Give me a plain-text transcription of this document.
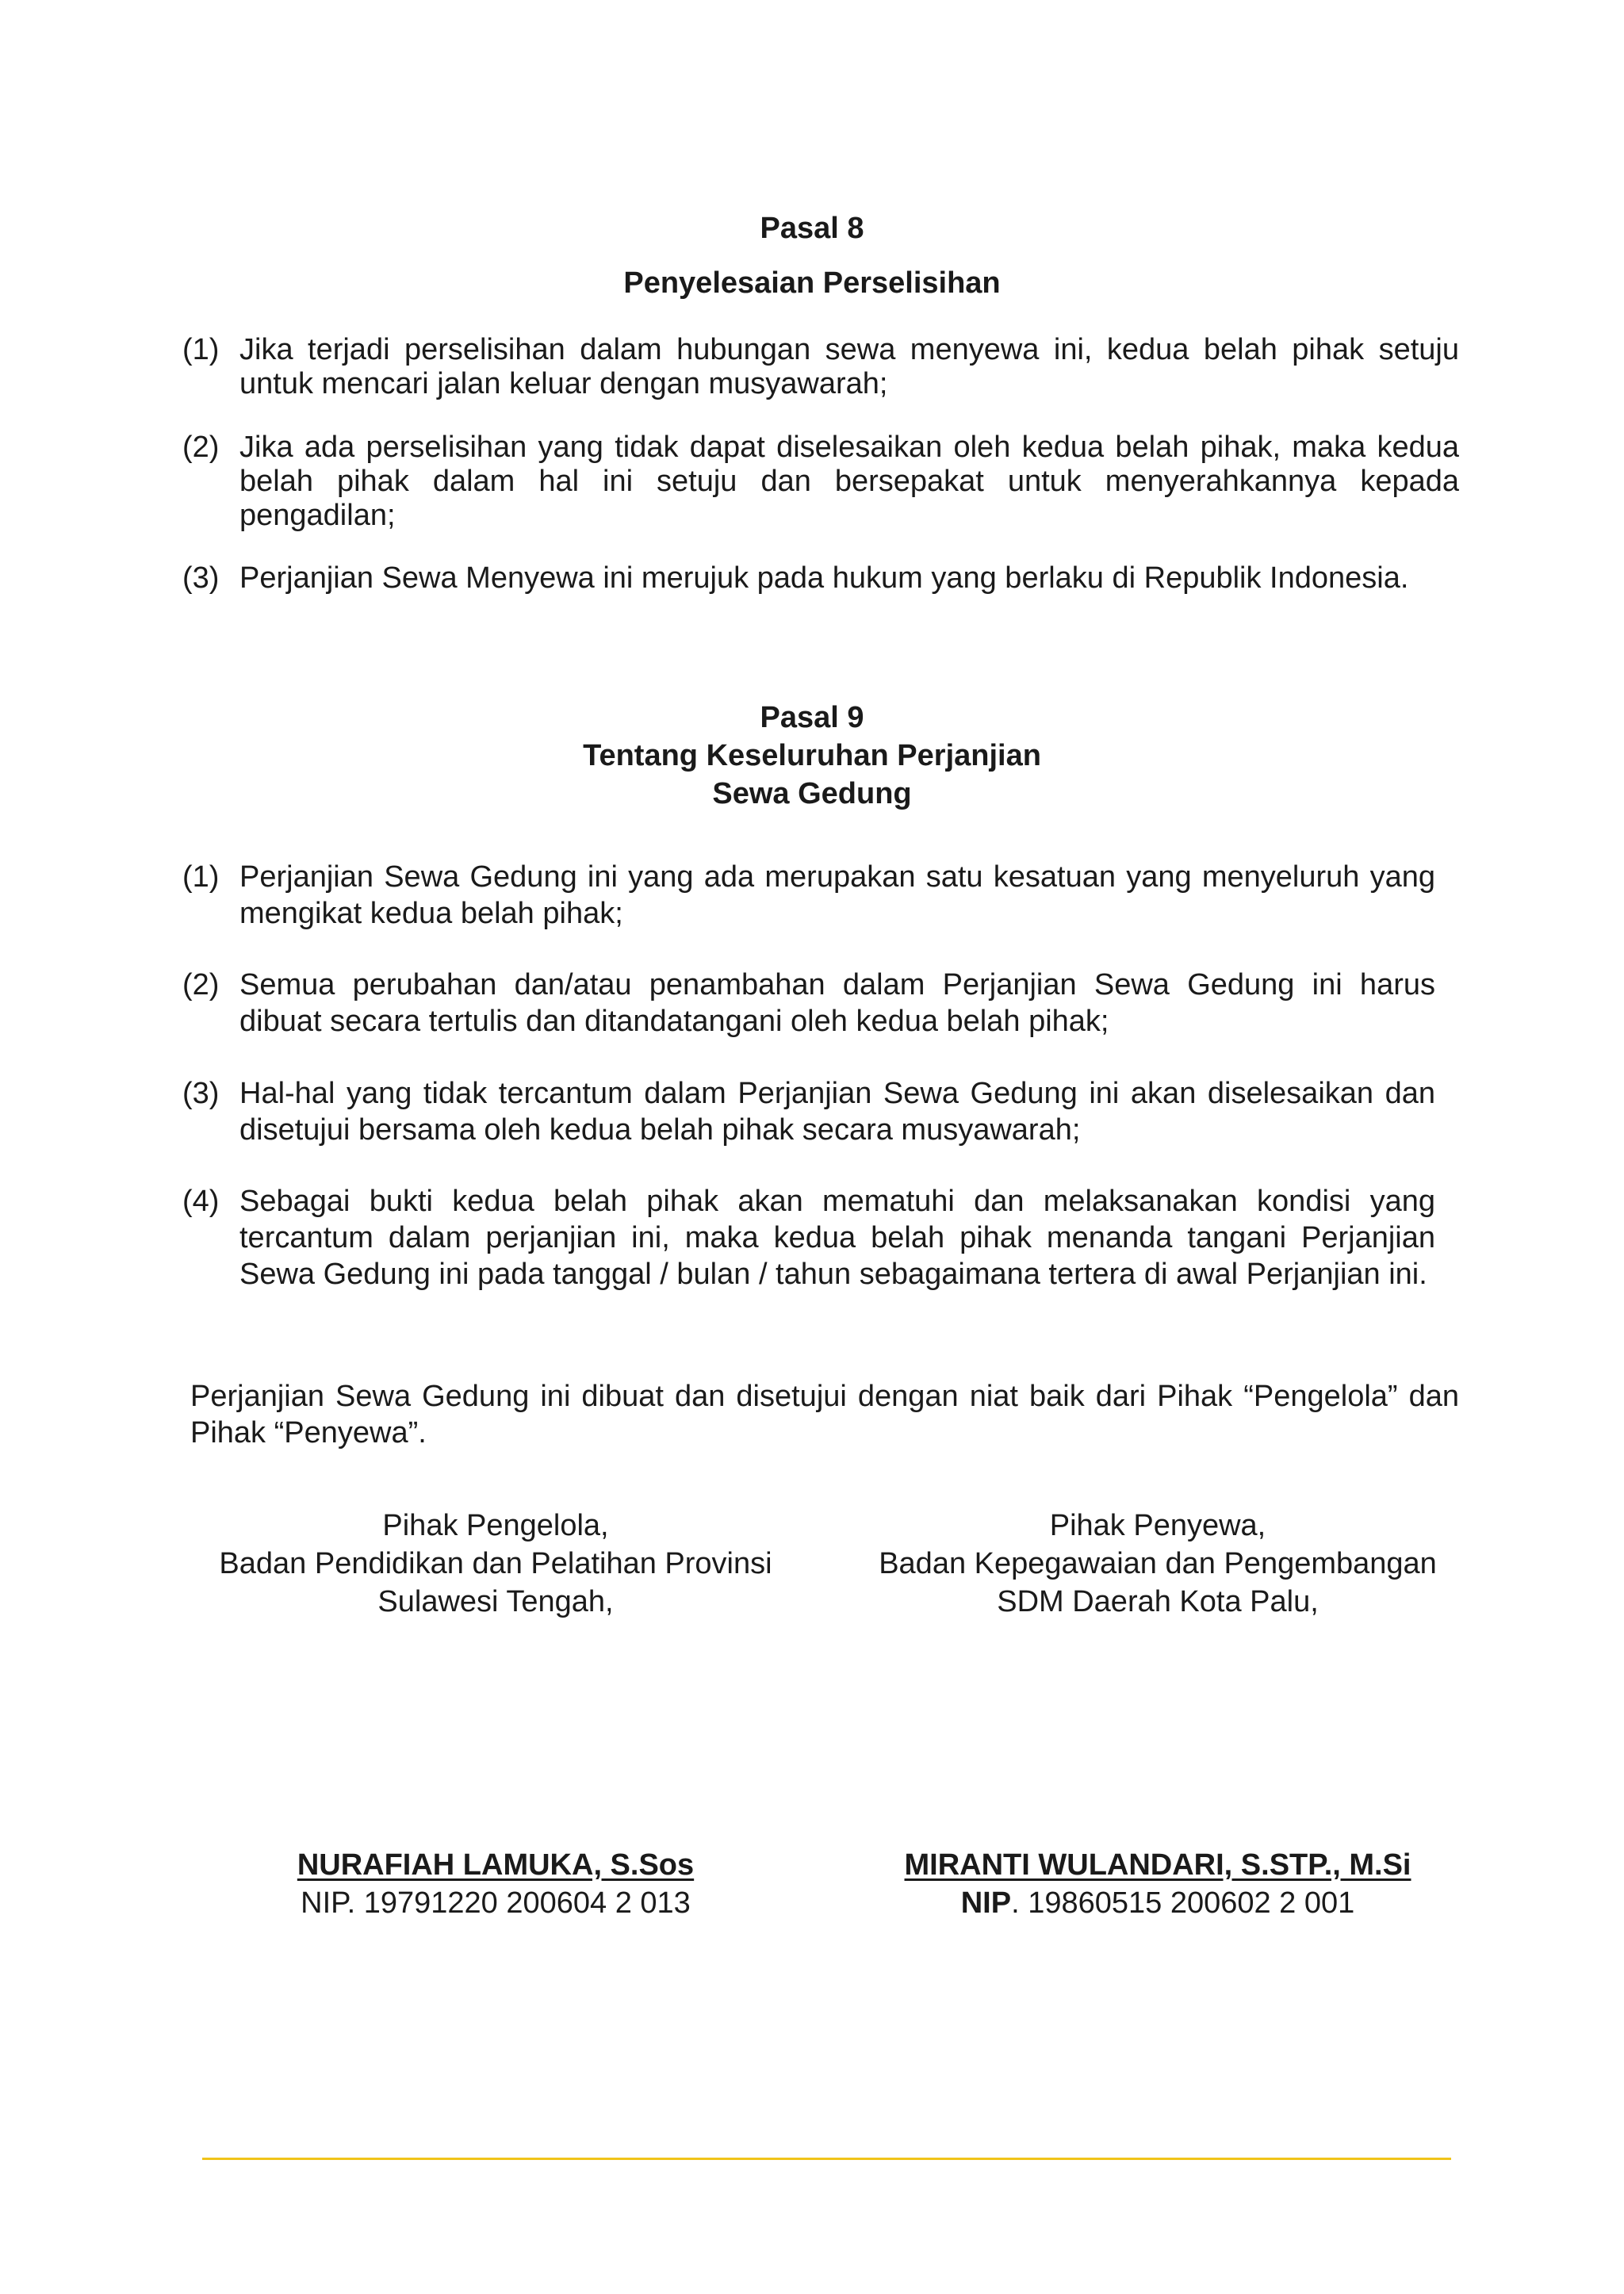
Pasal 8
Penyelesaian Perselisihan
(1) Jika terjadi perselisihan dalam hubungan sewa menyewa ini, kedua belah pihak setuju untuk mencari jalan keluar dengan musyawarah;
(2) Jika ada perselisihan yang tidak dapat diselesaikan oleh kedua belah pihak, maka kedua belah pihak dalam hal ini setuju dan bersepakat untuk menyerahkannya kepada pengadilan;
(3) Perjanjian Sewa Menyewa ini merujuk pada hukum yang berlaku di Republik Indonesia.
Pasal 9
Tentang Keseluruhan Perjanjian
Sewa Gedung
(1) Perjanjian Sewa Gedung ini yang ada merupakan satu kesatuan yang menyeluruh yang mengikat kedua belah pihak;
(2) Semua perubahan dan/atau penambahan dalam Perjanjian Sewa Gedung ini harus dibuat secara tertulis dan ditandatangani oleh kedua belah pihak;
(3) Hal-hal yang tidak tercantum dalam Perjanjian Sewa Gedung ini akan diselesaikan dan disetujui bersama oleh kedua belah pihak secara musyawarah;
(4) Sebagai bukti kedua belah pihak akan mematuhi dan melaksanakan kondisi yang tercantum dalam perjanjian ini, maka kedua belah pihak menanda tangani Perjanjian Sewa Gedung ini pada tanggal / bulan / tahun sebagaimana tertera di awal Perjanjian ini.
Perjanjian Sewa Gedung ini dibuat dan disetujui dengan niat baik dari Pihak “Pengelola” dan Pihak “Penyewa”.
Pihak Pengelola,
Badan Pendidikan dan Pelatihan Provinsi
Sulawesi Tengah,
Pihak Penyewa,
Badan Kepegawaian dan Pengembangan
SDM Daerah Kota Palu,
NURAFIAH LAMUKA, S.Sos
NIP. 19791220 200604 2 013
MIRANTI WULANDARI, S.STP., M.Si
NIP. 19860515 200602 2 001
